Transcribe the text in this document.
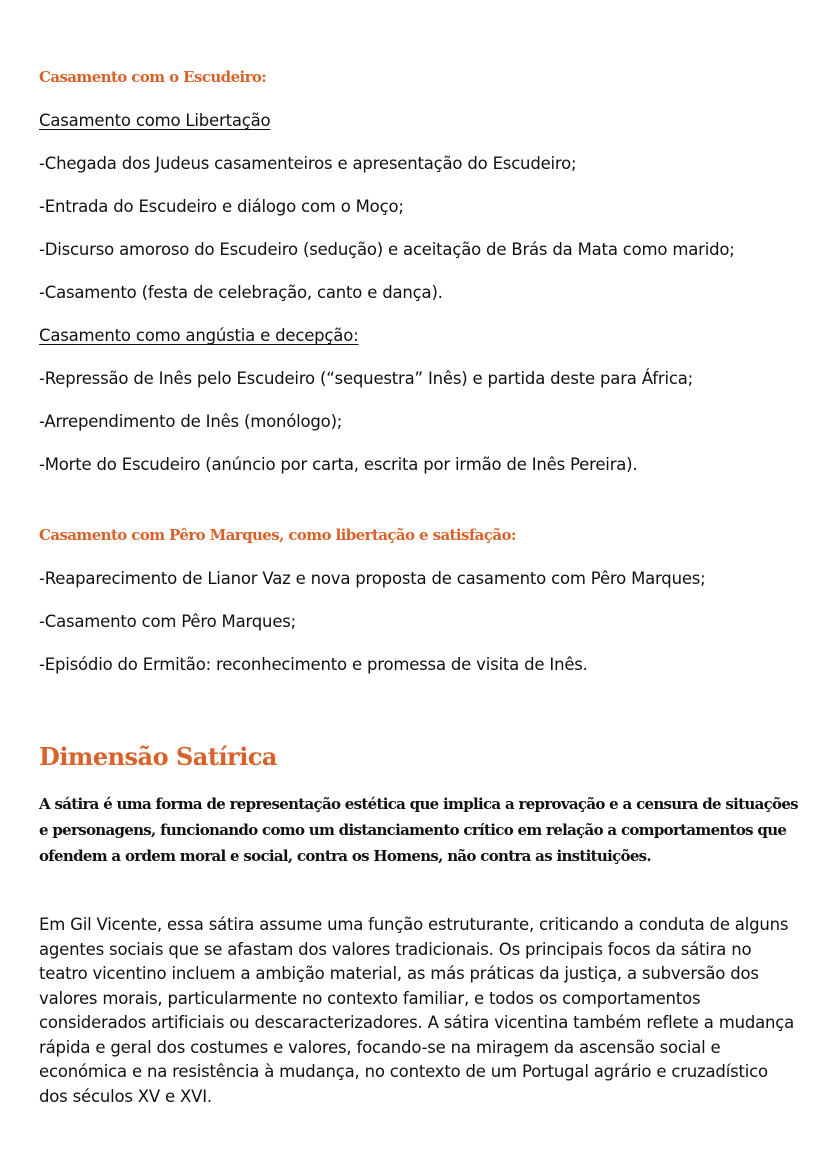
Casamento com o Escudeiro:
Casamento como Libertação
-Chegada dos Judeus casamenteiros e apresentação do Escudeiro;
-Entrada do Escudeiro e diálogo com o Moço;
-Discurso amoroso do Escudeiro (sedução) e aceitação de Brás da Mata como marido;
-Casamento (festa de celebração, canto e dança).
Casamento como angústia e decepção:
-Repressão de Inês pelo Escudeiro (“sequestra” Inês) e partida deste para África;
-Arrependimento de Inês (monólogo);
-Morte do Escudeiro (anúncio por carta, escrita por irmão de Inês Pereira).
Casamento com Pêro Marques, como libertação e satisfação:
-Reaparecimento de Lianor Vaz e nova proposta de casamento com Pêro Marques;
-Casamento com Pêro Marques;
-Episódio do Ermitão: reconhecimento e promessa de visita de Inês.
Dimensão Satírica
A sátira é uma forma de representação estética que implica a reprovação e a censura de situações e personagens, funcionando como um distanciamento crítico em relação a comportamentos que ofendem a ordem moral e social, contra os Homens, não contra as instituições.
Em Gil Vicente, essa sátira assume uma função estruturante, criticando a conduta de alguns agentes sociais que se afastam dos valores tradicionais. Os principais focos da sátira no teatro vicentino incluem a ambição material, as más práticas da justiça, a subversão dos valores morais, particularmente no contexto familiar, e todos os comportamentos considerados artificiais ou descaracterizadores. A sátira vicentina também reflete a mudança rápida e geral dos costumes e valores, focando-se na miragem da ascensão social e económica e na resistência à mudança, no contexto de um Portugal agrário e cruzadístico dos séculos XV e XVI.
